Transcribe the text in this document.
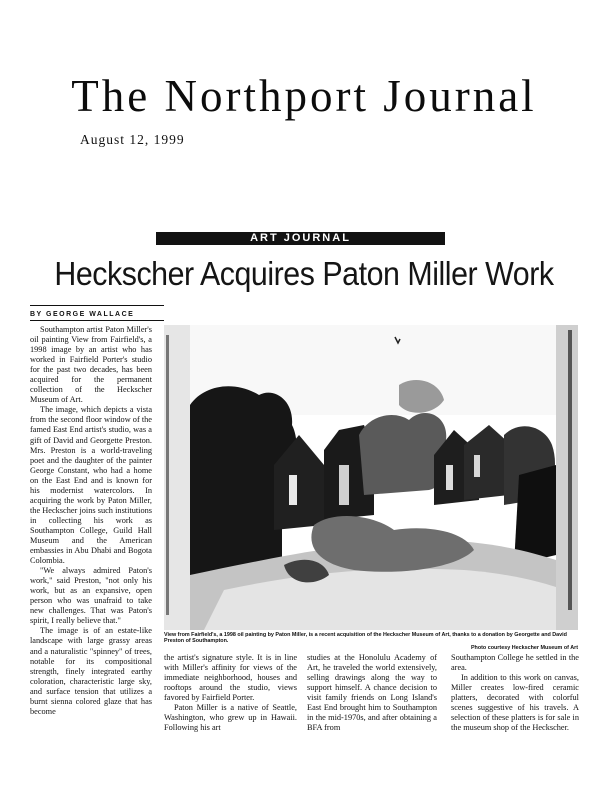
The Northport Journal
August 12, 1999
ART JOURNAL
Heckscher Acquires Paton Miller Work
BY GEORGE WALLACE

Southampton artist Paton Miller's oil painting View from Fairfield's, a 1998 image by an artist who has worked in Fairfield Porter's studio for the past two decades, has been acquired for the permanent collection of the Heckscher Museum of Art.

The image, which depicts a vista from the second floor window of the famed East End artist's studio, was a gift of David and Georgette Preston. Mrs. Preston is a world-traveling poet and the daughter of the painter George Constant, who had a home on the East End and is known for his modernist watercolors. In acquiring the work by Paton Miller, the Heckscher joins such institutions in collecting his work as Southampton College, Guild Hall Museum and the American embassies in Abu Dhabi and Bogota Colombia.

"We always admired Paton's work," said Preston, "not only his work, but as an expansive, open person who was unafraid to take new challenges. That was Paton's spirit, I really believe that."

The image is of an estate-like landscape with large grassy areas and a naturalistic "spinney" of trees, notable for its compositional strength, finely integrated earthy coloration, characteristic large sky, and surface tension that utilizes a burnt sienna colored glaze that has become

View from Fairfield's, a 1998 oil painting by Paton Miller, is a recent acquisition of the Heckscher Museum of Art, thanks to a donation by Georgette and David Preston of Southampton.
Photo courtesy Heckscher Museum of Art

the artist's signature style. It is in line with Miller's affinity for views of the immediate neighborhood, houses and rooftops around the studio, views favored by Fairfield Porter.

Paton Miller is a native of Seattle, Washington, who grew up in Hawaii. Following his art

studies at the Honolulu Academy of Art, he traveled the world extensively, selling drawings along the way to support himself. A chance decision to visit family friends on Long Island's East End brought him to Southampton in the mid-1970s, and after obtaining a BFA from

Southampton College he settled in the area.

In addition to this work on canvas, Miller creates low-fired ceramic platters, decorated with colorful scenes suggestive of his travels. A selection of these platters is for sale in the museum shop of the Heckscher.
